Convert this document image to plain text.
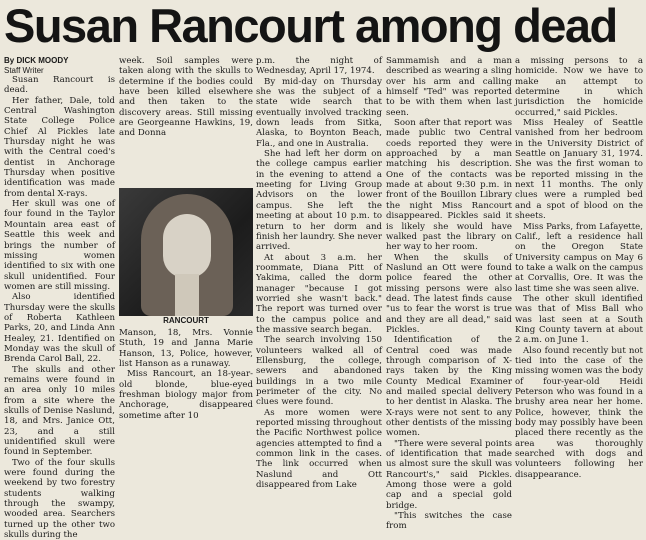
Susan Rancourt among dead

By DICK MOODY

Staff Writer

Susan Rancourt is dead.

Her father, Dale, told Central Washington State College Police Chief Al Pickles late Thursday night he was with the Central coed's dentist in Anchorage Thursday when positive identification was made from dental X-rays.

Her skull was one of four found in the Taylor Mountain area east of Seattle this week and brings the number of missing women identified to six with one skull unidentified. Four women are still missing.

Also identified Thursday were the skulls of Roberta Kathleen Parks, 20, and Linda Ann Healey, 21. Identified on Monday was the skull of Brenda Carol Ball, 22.

The skulls and other remains were found in an area only 10 miles from a site where the skulls of Denise Naslund, 18, and Mrs. Janice Ott, 23, and a still unidentified skull were found in September.

Two of the four skulls were found during the weekend by two forestry students walking through the swampy, wooded area. Searchers turned up the other two skulls during the

week. Soil samples were taken along with the skulls to determine if the bodies could have been killed elsewhere and then taken to the discovery areas. Still missing are Georgeanne Hawkins, 19, and Donna

RANCOURT

Manson, 18, Mrs. Vonnie Stuth, 19 and Janna Marie Hanson, 13, Police, however, list Hanson as a runaway.

Miss Rancourt, an 18-year-old blonde, blue-eyed freshman biology major from Anchorage, disappeared sometime after 10

p.m. the night of Wednesday, April 17, 1974.

By mid-day on Thursday she was the subject of a state wide search that eventually involved tracking down leads from Sitka, Alaska, to Boynton Beach, Fla., and one in Australia.

She had left her dorm on the college campus earlier in the evening to attend a meeting for Living Group Advisors on the lower campus. She left the meeting at about 10 p.m. to return to her dorm and finish her laundry. She never arrived.

At about 3 a.m. her roommate, Diana Pitt of Yakima, called the dorm manager "because I got worried she wasn't back." The report was turned over to the campus police and the massive search began.

The search involving 150 volunteers walked all of Ellensburg, the college, sewers and abandoned buildings in a two mile perimeter of the city. No clues were found.

As more women were reported missing throughout the Pacific Northwest police agencies attempted to find a common link in the cases. The link occurred when Naslund and Ott disappeared from Lake

Sammamish and a man described as wearing a sling over his arm and calling himself "Ted" was reported to be with them when last seen.

Soon after that report was made public two Central coeds reported they were approached by a man matching his description. One of the contacts was made at about 9:30 p.m. in front of the Bouillon Library the night Miss Rancourt disappeared. Pickles said it is likely she would have walked past the library on her way to her room.

When the skulls of Naslund an Ott were found police feared the other missing persons were also dead. The latest finds cause "us to fear the worst is true and they are all dead," said Pickles.

Identification of the Central coed was made through comparison of X-rays taken by the King County Medical Examiner and mailed special delivery to her dentist in Alaska. The X-rays were not sent to any other dentists of the missing women.

"There were several points of identification that made us almost sure the skull was Rancourt's," said Pickles. Among those were a gold cap and a special gold bridge.

"This switches the case from

a missing persons to a homicide. Now we have to make an attempt to determine in which jurisdiction the homicide occurred," said Pickles.

Miss Healey of Seattle vanished from her bedroom in the University District of Seattle on January 31, 1974. She was the first woman to be reported missing in the next 11 months. The only clues were a rumpled bed and a spot of blood on the sheets.

Miss Parks, from Lafayette, Calif., left a residence hall on the Oregon State University campus on May 6 to take a walk on the campus at Corvallis, Ore. It was the last time she was seen alive.

The other skull identified was that of Miss Ball who was last seen at a South King County tavern at about 2 a.m. on June 1.

Also found recently but not tied into the case of the missing women was the body of four-year-old Heidi Peterson who was found in a brushy area near her home. Police, however, think the body may possibly have been placed there recently as the area was thoroughly searched with dogs and volunteers following her disappearance.
